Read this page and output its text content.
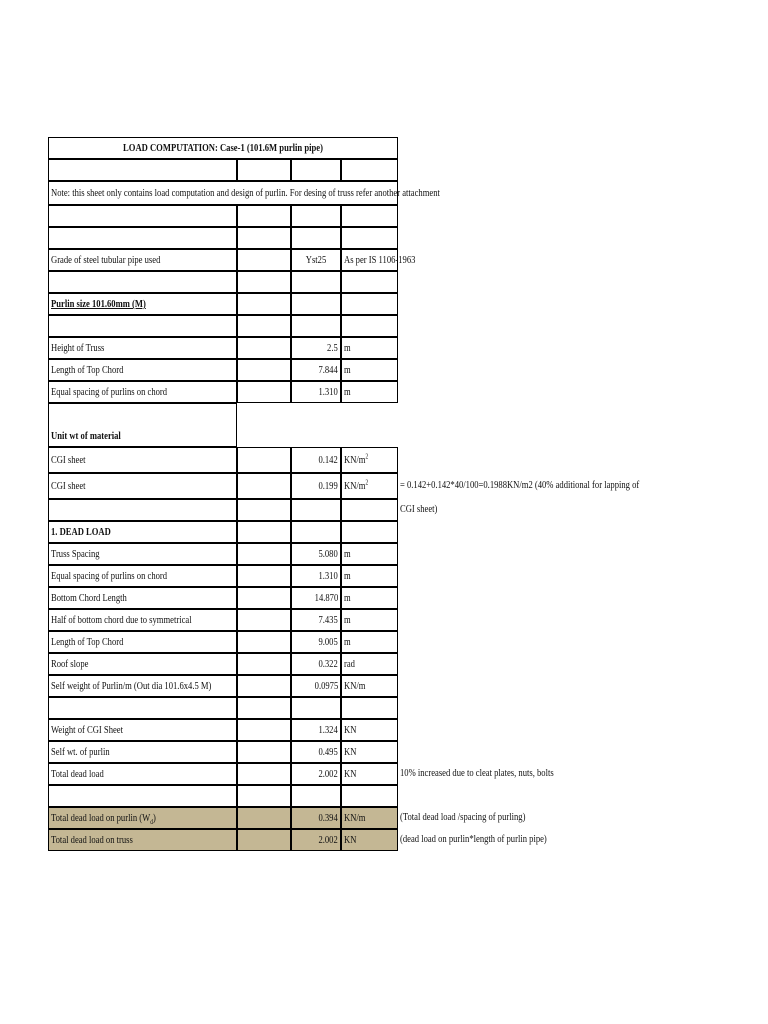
LOAD COMPUTATION: Case-1 (101.6M purlin pipe)
Note: this sheet only contains load computation and design of purlin. For desing of truss refer another attachment
Grade of steel tubular pipe used	Yst25	As per IS 1106-1963
Purlin size 101.60mm (M)
Height of Truss	2.5 m
Length of Top Chord	7.844 m
Equal spacing of purlins on chord	1.310 m
Unit wt of material
CGI sheet	0.142 $KN/m^2$
CGI sheet	0.199 $KN/m^2$	= 0.142+0.142*40/100=0.1988KN/m2 (40% additional for lapping of
CGI sheet)
1. DEAD LOAD
Truss Spacing	5.080 m
Equal spacing of purlins on chord	1.310 m
Bottom Chord Length	14.870 m
Half of bottom chord due to symmetrical	7.435 m
Length of Top Chord	9.005 m
Roof slope	0.322 rad
Self weight of Purlin/m (Out dia 101.6x4.5 M)	0.0975 KN/m
Weight of CGI Sheet	1.324 KN
Self wt. of purlin	0.495 KN
Total dead load	2.002 KN	10% increased due to cleat plates, nuts, bolts
Total dead load on purlin $(W_d)$	0.394 KN/m	(Total dead load /spacing of purling)
Total dead load on truss	2.002 KN	(dead load on purlin*length of purlin pipe)
